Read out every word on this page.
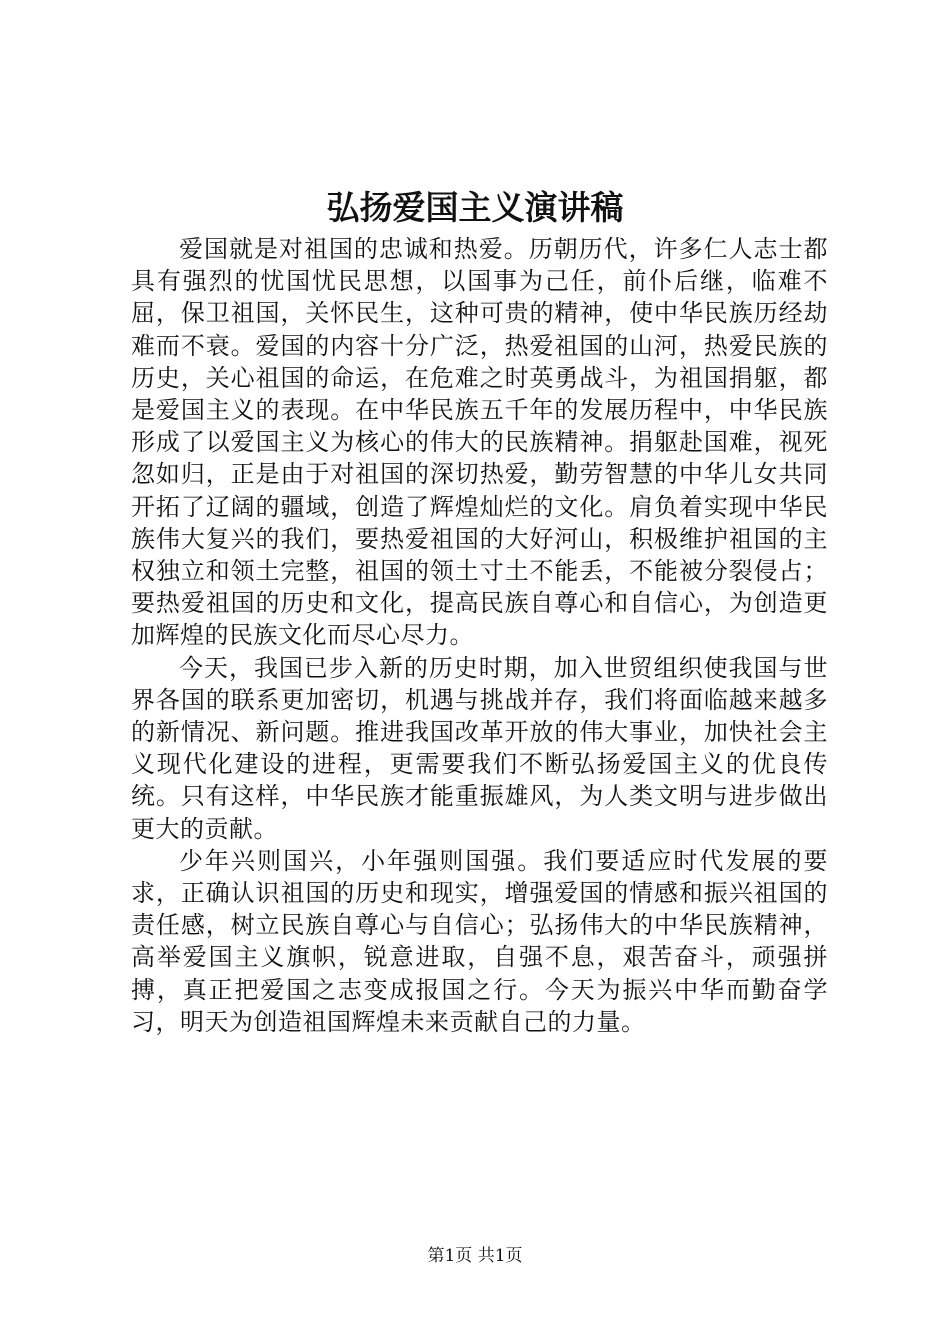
弘扬爱国主义演讲稿

爱国就是对祖国的忠诚和热爱。历朝历代，许多仁人志士都具有强烈的忧国忧民思想，以国事为己任，前仆后继，临难不屈，保卫祖国，关怀民生，这种可贵的精神，使中华民族历经劫难而不衰。爱国的内容十分广泛，热爱祖国的山河，热爱民族的历史，关心祖国的命运，在危难之时英勇战斗，为祖国捐躯，都是爱国主义的表现。在中华民族五千年的发展历程中，中华民族形成了以爱国主义为核心的伟大的民族精神。捐躯赴国难，视死忽如归，正是由于对祖国的深切热爱，勤劳智慧的中华儿女共同开拓了辽阔的疆域，创造了辉煌灿烂的文化。肩负着实现中华民族伟大复兴的我们，要热爱祖国的大好河山，积极维护祖国的主权独立和领土完整，祖国的领土寸土不能丢，不能被分裂侵占；要热爱祖国的历史和文化，提高民族自尊心和自信心，为创造更加辉煌的民族文化而尽心尽力。

今天，我国已步入新的历史时期，加入世贸组织使我国与世界各国的联系更加密切，机遇与挑战并存，我们将面临越来越多的新情况、新问题。推进我国改革开放的伟大事业，加快社会主义现代化建设的进程，更需要我们不断弘扬爱国主义的优良传统。只有这样，中华民族才能重振雄风，为人类文明与进步做出更大的贡献。

少年兴则国兴，小年强则国强。我们要适应时代发展的要求，正确认识祖国的历史和现实，增强爱国的情感和振兴祖国的责任感，树立民族自尊心与自信心；弘扬伟大的中华民族精神，高举爱国主义旗帜，锐意进取，自强不息，艰苦奋斗，顽强拼搏，真正把爱国之志变成报国之行。今天为振兴中华而勤奋学习，明天为创造祖国辉煌未来贡献自己的力量。

第1页 共1页
